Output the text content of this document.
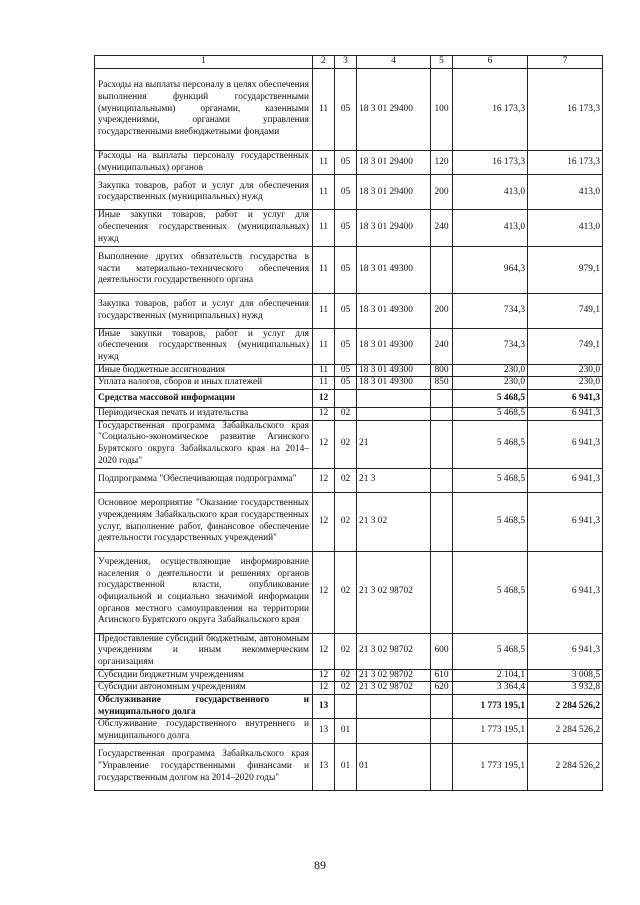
1	2	3	4	5	6	7
Расходы на выплаты персоналу в целях обеспечения выполнения функций государственными (муниципальными) органами, казенными учреждениями, органами управления государственными внебюджетными фондами	11	05	18 3 01 29400	100	16 173,3	16 173,3
Расходы на выплаты персоналу государственных (муниципальных) органов	11	05	18 3 01 29400	120	16 173,3	16 173,3
Закупка товаров, работ и услуг для обеспечения государственных (муниципальных) нужд	11	05	18 3 01 29400	200	413,0	413,0
Иные закупки товаров, работ и услуг для обеспечения государственных (муниципальных) нужд	11	05	18 3 01 29400	240	413,0	413,0
Выполнение других обязательств государства в части материально-технического обеспечения деятельности государственного органа	11	05	18 3 01 49300		964,3	979,1
Закупка товаров, работ и услуг для обеспечения государственных (муниципальных) нужд	11	05	18 3 01 49300	200	734,3	749,1
Иные закупки товаров, работ и услуг для обеспечения государственных (муниципальных) нужд	11	05	18 3 01 49300	240	734,3	749,1
Иные бюджетные ассигнования	11	05	18 3 01 49300	800	230,0	230,0
Уплата налогов, сборов и иных платежей	11	05	18 3 01 49300	850	230,0	230,0
Средства массовой информации	12				5 468,5	6 941,3
Периодическая печать и издательства	12	02			5 468,5	6 941,3
Государственная программа Забайкальского края "Социально-экономическое развитие Агинского Бурятского округа Забайкальского края на 2014–2020 годы"	12	02	21		5 468,5	6 941,3
Подпрограмма "Обеспечивающая подпрограмма"	12	02	21 3		5 468,5	6 941,3
Основное мероприятие "Оказание государственных учреждениям Забайкальского края государственных услуг, выполнение работ, финансовое обеспечение деятельности государственных учреждений"	12	02	21 3 02		5 468,5	6 941,3
Учреждения, осуществляющие информирование населения о деятельности и решениях органов государственной власти, опубликование официальной и социально значимой информации органов местного самоуправления на территории Агинского Бурятского округа Забайкальского края	12	02	21 3 02 98702		5 468,5	6 941,3
Предоставление субсидий бюджетным, автономным учреждениям и иным некоммерческим организациям	12	02	21 3 02 98702	600	5 468,5	6 941,3
Субсидии бюджетным учреждениям	12	02	21 3 02 98702	610	2 104,1	3 008,5
Субсидии автономным учреждениям	12	02	21 3 02 98702	620	3 364,4	3 932,8
Обслуживание государственного и муниципального долга	13				1 773 195,1	2 284 526,2
Обслуживание государственного внутреннего и муниципального долга	13	01			1 773 195,1	2 284 526,2
Государственная программа Забайкальского края "Управление государственными финансами и государственным долгом на 2014–2020 годы"	13	01	01		1 773 195,1	2 284 526,2
89
